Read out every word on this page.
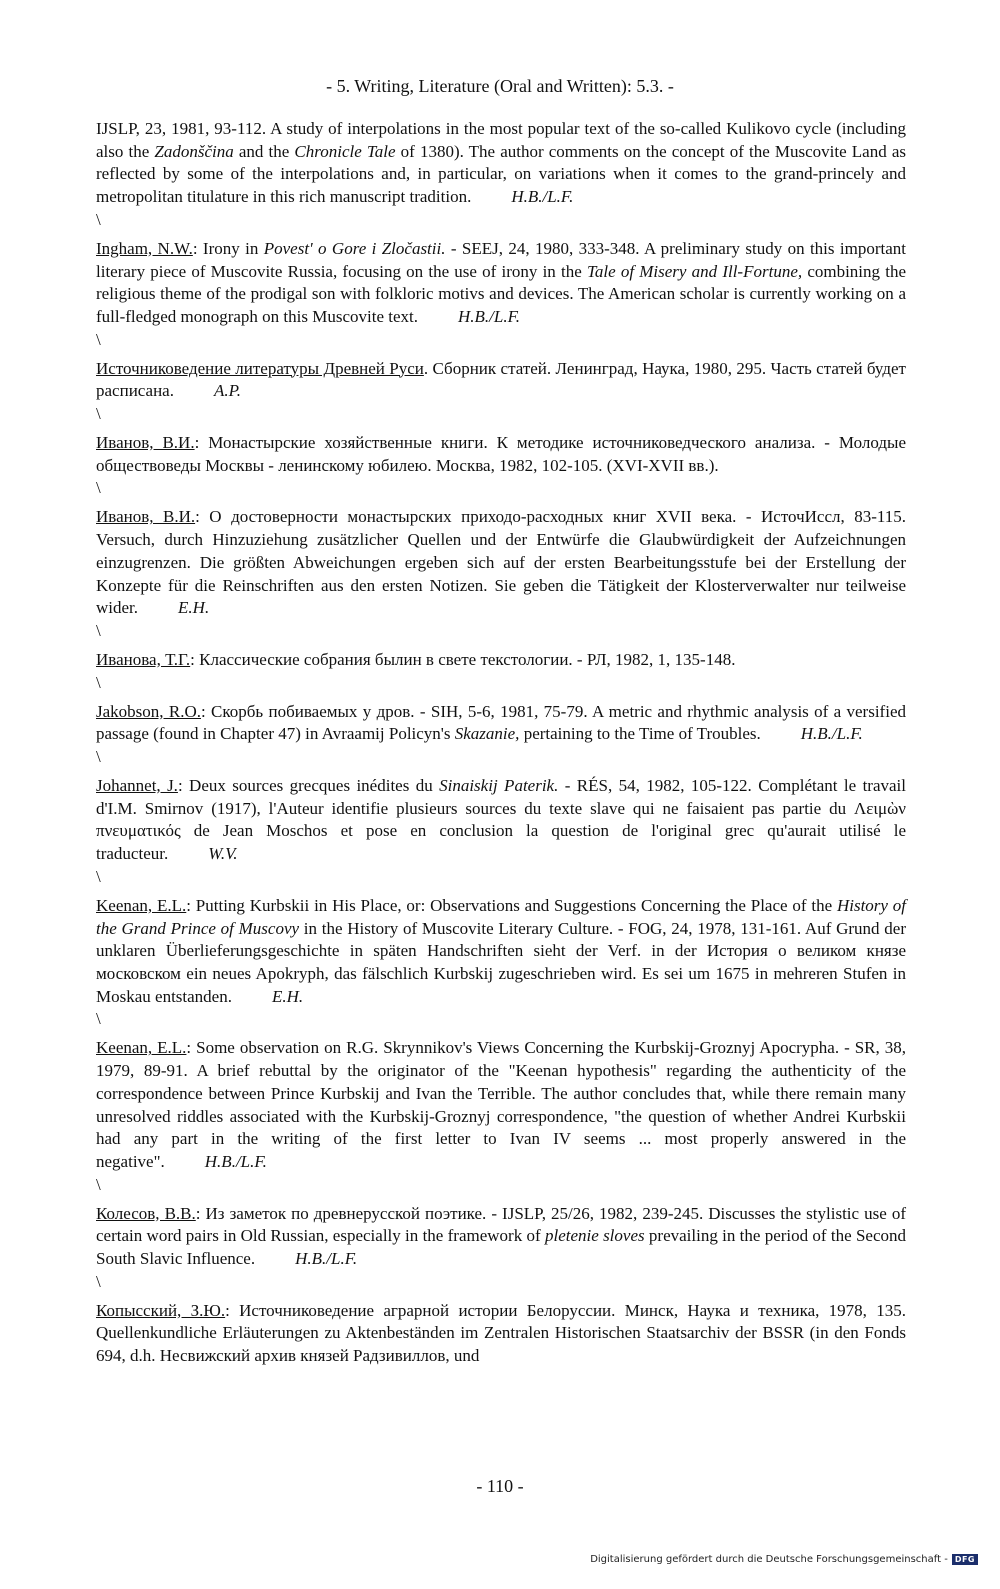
- 5. Writing, Literature (Oral and Written): 5.3. -

IJSLP, 23, 1981, 93-112. A study of interpolations in the most popular text of the so-called Kulikovo cycle (including also the Zadonščina and the Chronicle Tale of 1380). The author comments on the concept of the Muscovite Land as reflected by some of the interpolations and, in particular, on variations when it comes to the grand-princely and metropolitan titulature in this rich manuscript tradition. H.B./L.F.

\

Ingham, N.W.: Irony in Povest' o Gore i Zločastii. - SEEJ, 24, 1980, 333-348. A preliminary study on this important literary piece of Muscovite Russia, focusing on the use of irony in the Tale of Misery and Ill-Fortune, combining the religious theme of the prodigal son with folkloric motivs and devices. The American scholar is currently working on a full-fledged monograph on this Muscovite text. H.B./L.F.

\

Источниковедение литературы Древней Руси. Сборник статей. Ленинград, Наука, 1980, 295. Часть статей будет расписана. A.P.

\

Иванов, В.И.: Монастырские хозяйственные книги. К методике источниковедческого анализа. - Молодые обществоведы Москвы - ленинскому юбилею. Москва, 1982, 102-105. (XVI-XVII вв.).

\

Иванов, В.И.: О достоверности монастырских приходо-расходных книг XVII века. - ИсточИссл, 83-115. Versuch, durch Hinzuziehung zusätzlicher Quellen und der Entwürfe die Glaubwürdigkeit der Aufzeichnungen einzugrenzen. Die größten Abweichungen ergeben sich auf der ersten Bearbeitungsstufe bei der Erstellung der Konzepte für die Reinschriften aus den ersten Notizen. Sie geben die Tätigkeit der Klosterverwalter nur teilweise wider. E.H.

\

Иванова, Т.Г.: Классические собрания былин в свете текстологии. - РЛ, 1982, 1, 135-148.

\

Jakobson, R.O.: Скорбь побиваемых у дров. - SIH, 5-6, 1981, 75-79. A metric and rhythmic analysis of a versified passage (found in Chapter 47) in Avraamij Policyn's Skazanie, pertaining to the Time of Troubles. H.B./L.F.

\

Johannet, J.: Deux sources grecques inédites du Sinaiskij Paterik. - RÉS, 54, 1982, 105-122. Complétant le travail d'I.M. Smirnov (1917), l'Auteur identifie plusieurs sources du texte slave qui ne faisaient pas partie du Λειμὼν πνευματικός de Jean Moschos et pose en conclusion la question de l'original grec qu'aurait utilisé le traducteur. W.V.

\

Keenan, E.L.: Putting Kurbskii in His Place, or: Observations and Suggestions Concerning the Place of the History of the Grand Prince of Muscovy in the History of Muscovite Literary Culture. - FOG, 24, 1978, 131-161. Auf Grund der unklaren Überlieferungsgeschichte in späten Handschriften sieht der Verf. in der История о великом князе московском ein neues Apokryph, das fälschlich Kurbskij zugeschrieben wird. Es sei um 1675 in mehreren Stufen in Moskau entstanden. E.H.

\

Keenan, E.L.: Some observation on R.G. Skrynnikov's Views Concerning the Kurbskij-Groznyj Apocrypha. - SR, 38, 1979, 89-91. A brief rebuttal by the originator of the "Keenan hypothesis" regarding the authenticity of the correspondence between Prince Kurbskij and Ivan the Terrible. The author concludes that, while there remain many unresolved riddles associated with the Kurbskij-Groznyj correspondence, "the question of whether Andrei Kurbskii had any part in the writing of the first letter to Ivan IV seems ... most properly answered in the negative". H.B./L.F.

\

Колесов, В.В.: Из заметок по древнерусской поэтике. - IJSLP, 25/26, 1982, 239-245. Discusses the stylistic use of certain word pairs in Old Russian, especially in the framework of pletenie sloves prevailing in the period of the Second South Slavic Influence. H.B./L.F.

\

Копысский, З.Ю.: Источниковедение аграрной истории Белоруссии. Минск, Наука и техника, 1978, 135. Quellenkundliche Erläuterungen zu Aktenbeständen im Zentralen Historischen Staatsarchiv der BSSR (in den Fonds 694, d.h. Несвижский архив князей Радзивиллов, und

- 110 -
Digitalisierung gefördert durch die Deutsche Forschungsgemeinschaft - DFG
